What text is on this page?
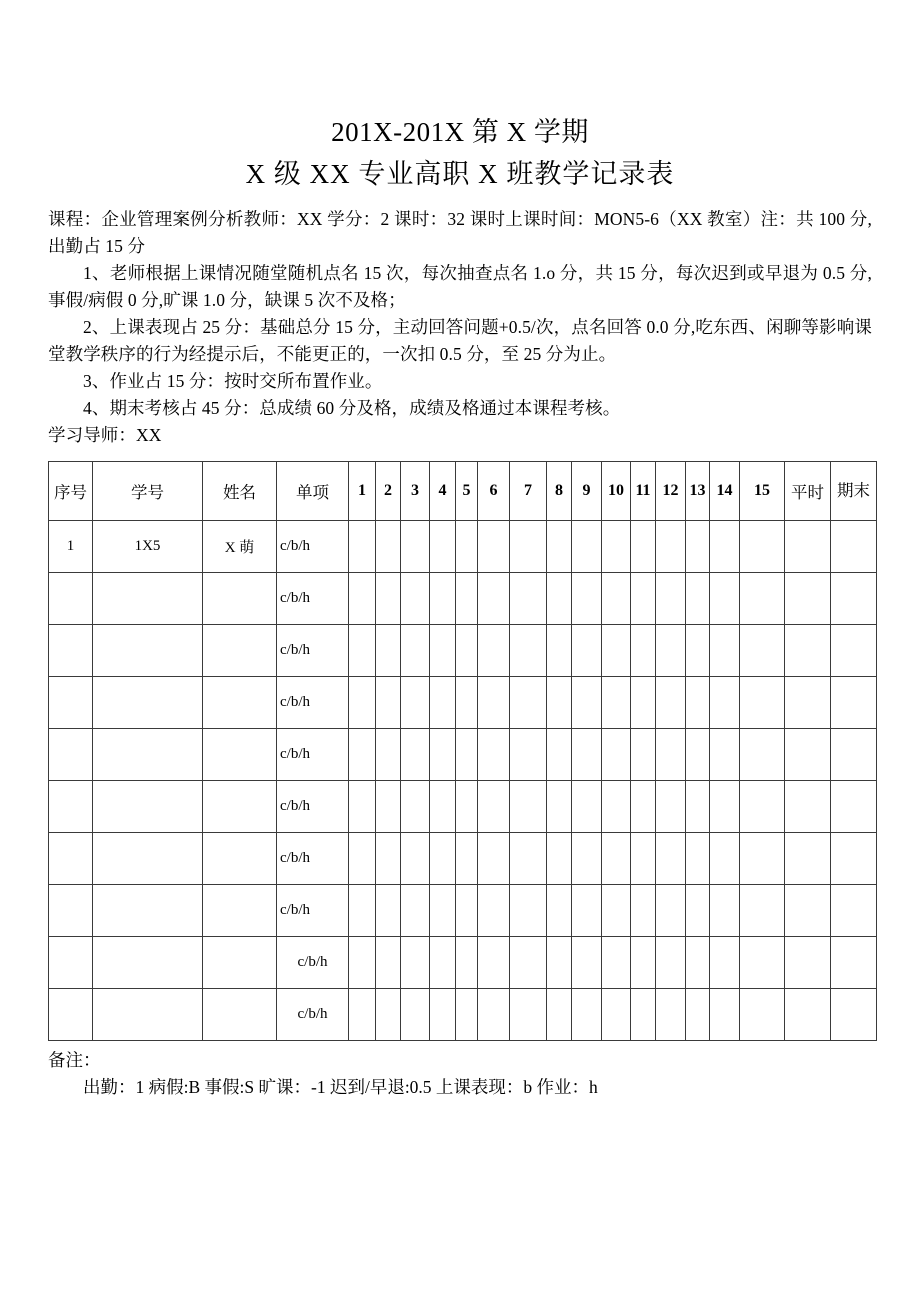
201X-201X 第 X 学期
X 级 XX 专业高职 X 班教学记录表

课程：企业管理案例分析教师：XX 学分：2 课时：32 课时上课时间：MON5-6（XX 教室）注：共 100 分,出勤占 15 分

1、老师根据上课情况随堂随机点名 15 次，每次抽查点名 1.o 分，共 15 分，每次迟到或早退为 0.5 分,事假/病假 0 分,旷课 1.0 分，缺课 5 次不及格；

2、上课表现占 25 分：基础总分 15 分，主动回答问题+0.5/次，点名回答 0.0 分,吃东西、闲聊等影响课堂教学秩序的行为经提示后，不能更正的，一次扣 0.5 分，至 25 分为止。

3、作业占 15 分：按时交所布置作业。

4、期末考核占 45 分：总成绩 60 分及格，成绩及格通过本课程考核。

学习导师：XX

序号	学号	姓名	单项	1	2	3	4	5	6	7	8	9	10	11	12	13	14	15	平时	期末	
1	1X5	X 萌	c/b/h																		
			c/b/h																		
			c/b/h																		
			c/b/h																		
			c/b/h																		
			c/b/h																		
			c/b/h																		
			c/b/h																		
			c/b/h																		
			c/b/h																		

备注：

出勤：1 病假:B 事假:S 旷课：-1 迟到/早退:0.5 上课表现：b 作业：h
